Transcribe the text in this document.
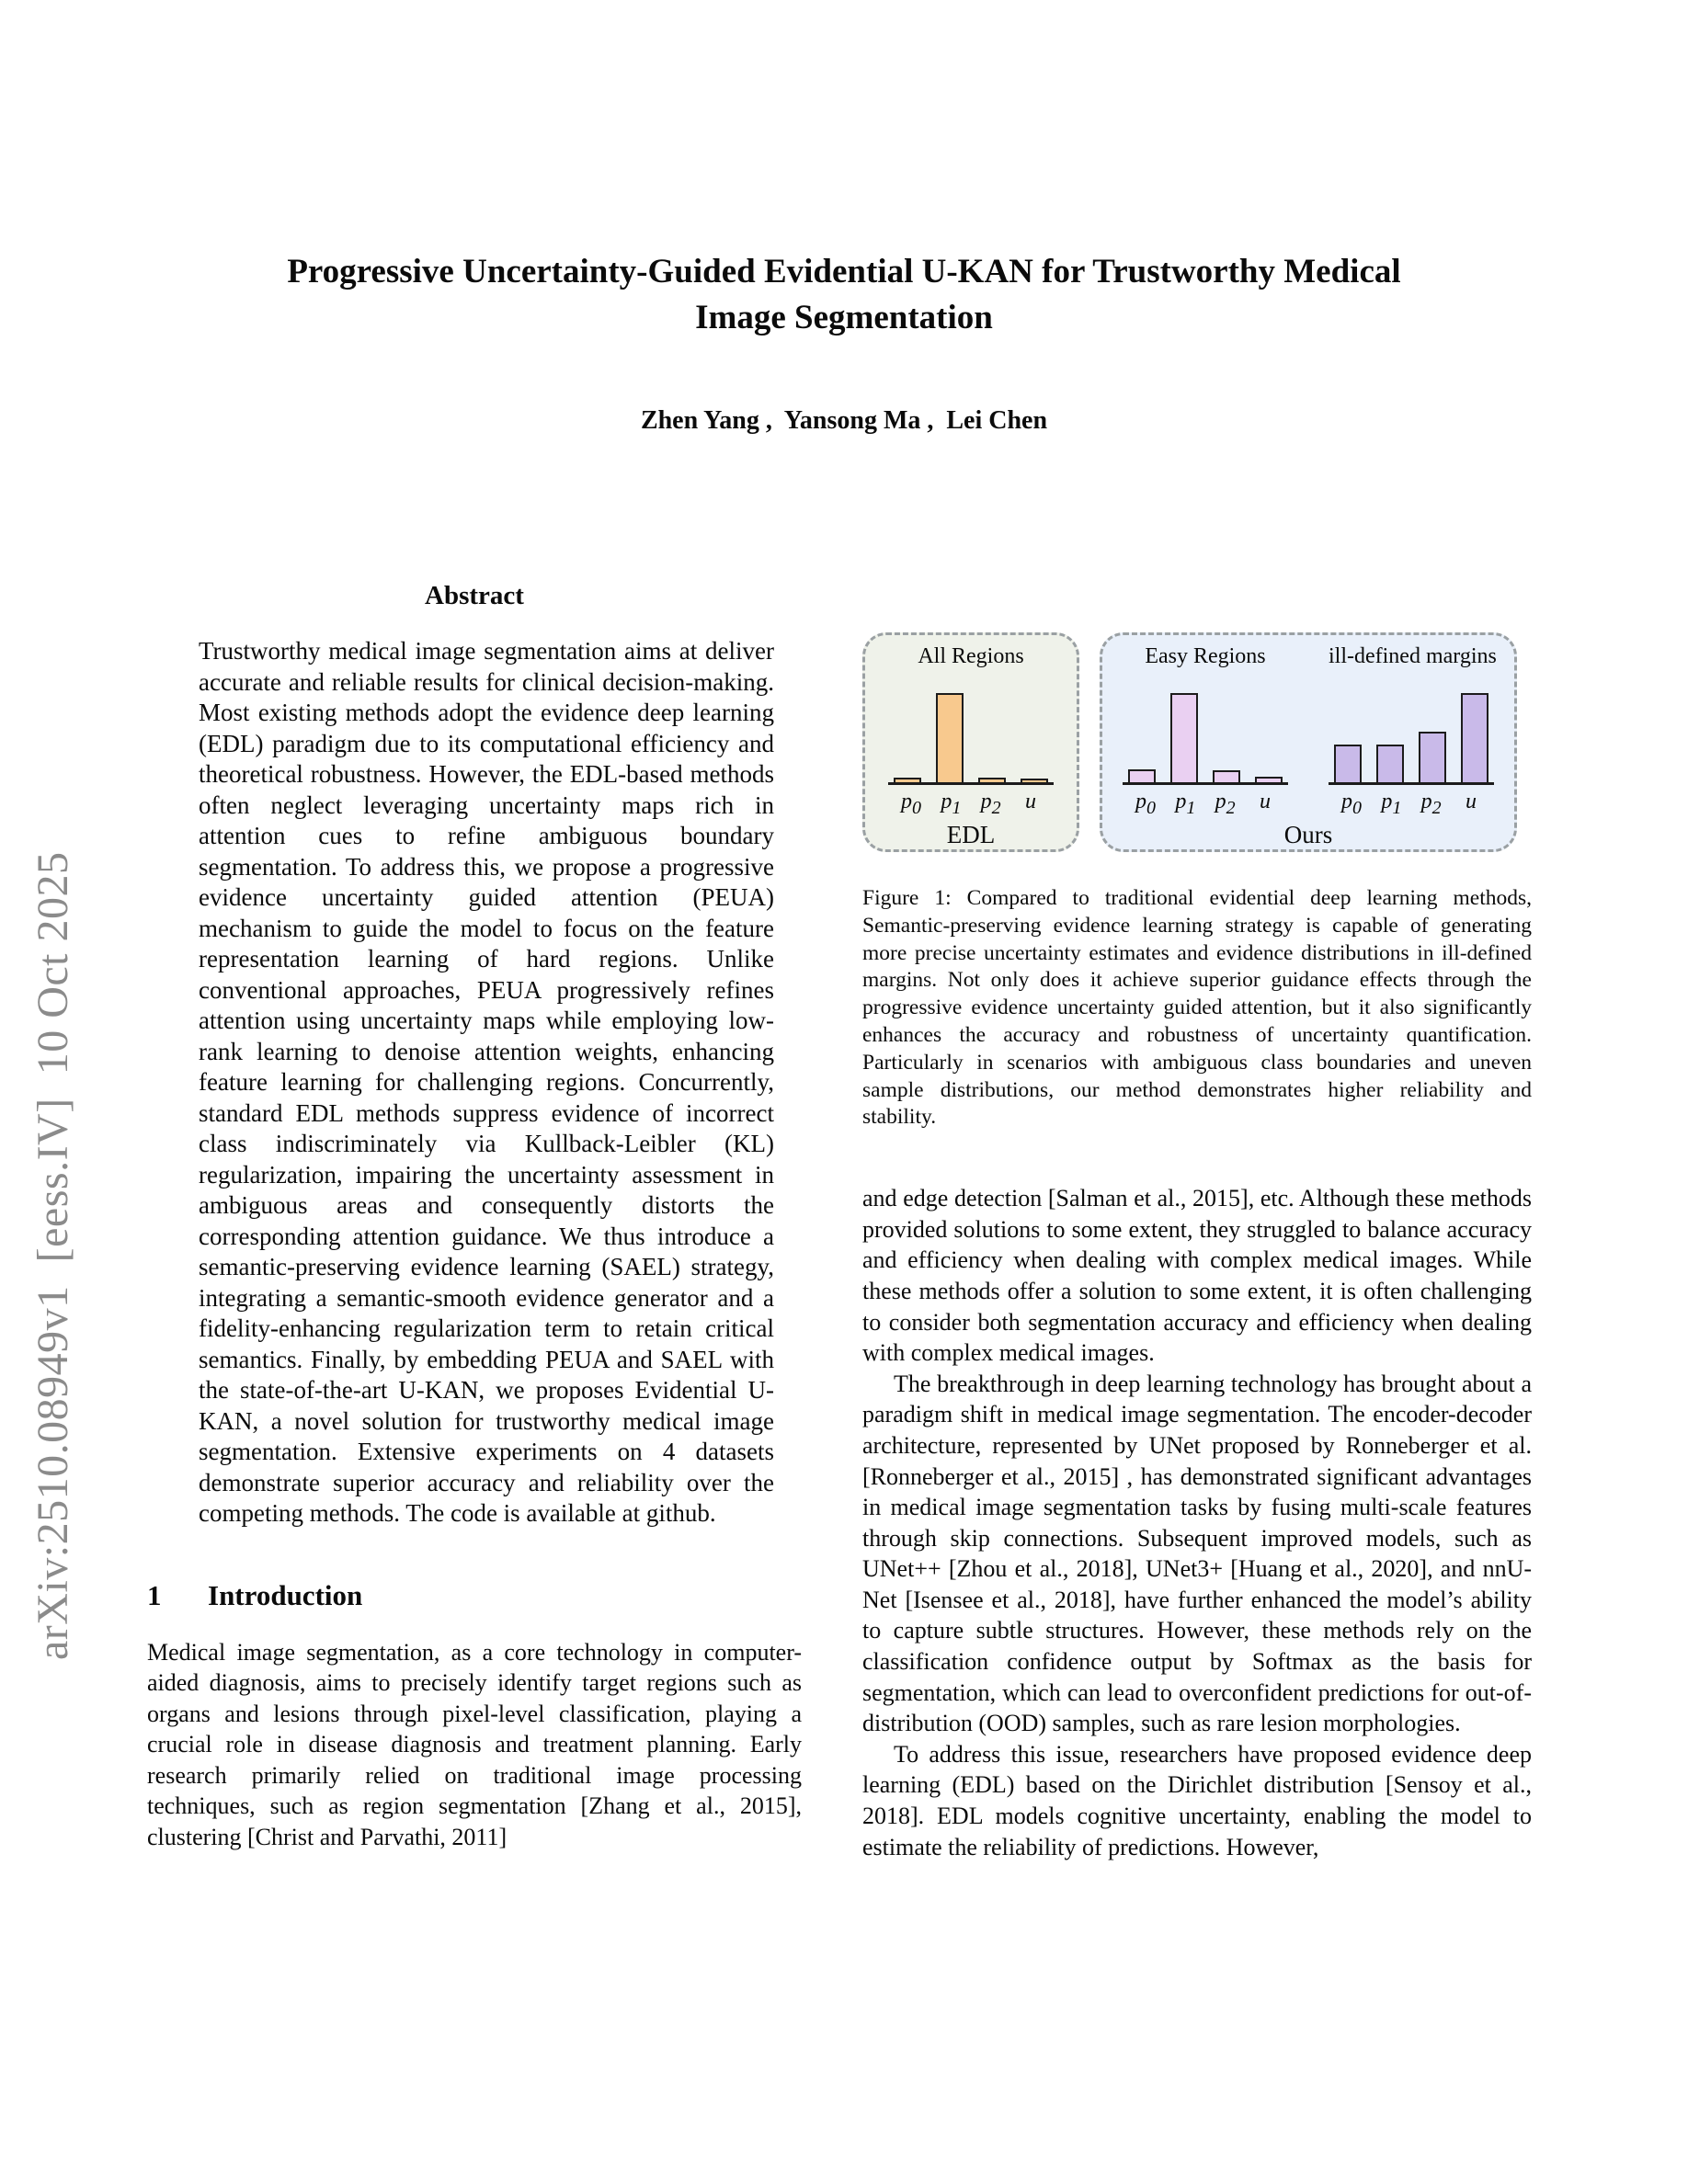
arXiv:2510.08949v1  [eess.IV]  10 Oct 2025
Progressive Uncertainty-Guided Evidential U-KAN for Trustworthy Medical Image Segmentation
Zhen Yang ,  Yansong Ma ,  Lei Chen
Abstract

Trustworthy medical image segmentation aims at deliver accurate and reliable results for clinical decision-making. Most existing methods adopt the evidence deep learning (EDL) paradigm due to its computational efficiency and theoretical robustness. However, the EDL-based methods often neglect leveraging uncertainty maps rich in attention cues to refine ambiguous boundary segmentation. To address this, we propose a progressive evidence uncertainty guided attention (PEUA) mechanism to guide the model to focus on the feature representation learning of hard regions. Unlike conventional approaches, PEUA progressively refines attention using uncertainty maps while employing low-rank learning to denoise attention weights, enhancing feature learning for challenging regions. Concurrently, standard EDL methods suppress evidence of incorrect class indiscriminately via Kullback-Leibler (KL) regularization, impairing the uncertainty assessment in ambiguous areas and consequently distorts the corresponding attention guidance. We thus introduce a semantic-preserving evidence learning (SAEL) strategy, integrating a semantic-smooth evidence generator and a fidelity-enhancing regularization term to retain critical semantics. Finally, by embedding PEUA and SAEL with the state-of-the-art U-KAN, we proposes Evidential U-KAN, a novel solution for trustworthy medical image segmentation. Extensive experiments on 4 datasets demonstrate superior accuracy and reliability over the competing methods. The code is available at github.

1 Introduction

Medical image segmentation, as a core technology in computer-aided diagnosis, aims to precisely identify target regions such as organs and lesions through pixel-level classification, playing a crucial role in disease diagnosis and treatment planning. Early research primarily relied on traditional image processing techniques, such as region segmentation [Zhang et al., 2015], clustering [Christ and Parvathi, 2011]

All Regions
$p_0$ $p_1$ $p_2$	u
EDL
Easy Regions
$p_0$ $p_1$ $p_2$	u
ill-defined margins
$p_0$ $p_1$ $p_2$	u
Ours

Figure 1: Compared to traditional evidential deep learning methods, Semantic-preserving evidence learning strategy is capable of generating more precise uncertainty estimates and evidence distributions in ill-defined margins. Not only does it achieve superior guidance effects through the progressive evidence uncertainty guided attention, but it also significantly enhances the accuracy and robustness of uncertainty quantification. Particularly in scenarios with ambiguous class boundaries and uneven sample distributions, our method demonstrates higher reliability and stability.

and edge detection [Salman et al., 2015], etc. Although these methods provided solutions to some extent, they struggled to balance accuracy and efficiency when dealing with complex medical images. While these methods offer a solution to some extent, it is often challenging to consider both segmentation accuracy and efficiency when dealing with complex medical images.

The breakthrough in deep learning technology has brought about a paradigm shift in medical image segmentation. The encoder-decoder architecture, represented by UNet proposed by Ronneberger et al. [Ronneberger et al., 2015] , has demonstrated significant advantages in medical image segmentation tasks by fusing multi-scale features through skip connections. Subsequent improved models, such as UNet++ [Zhou et al., 2018], UNet3+ [Huang et al., 2020], and nnU-Net [Isensee et al., 2018], have further enhanced the model’s ability to capture subtle structures. However, these methods rely on the classification confidence output by Softmax as the basis for segmentation, which can lead to overconfident predictions for out-of-distribution (OOD) samples, such as rare lesion morphologies.

To address this issue, researchers have proposed evidence deep learning (EDL) based on the Dirichlet distribution [Sensoy et al., 2018]. EDL models cognitive uncertainty, enabling the model to estimate the reliability of predictions. However,
